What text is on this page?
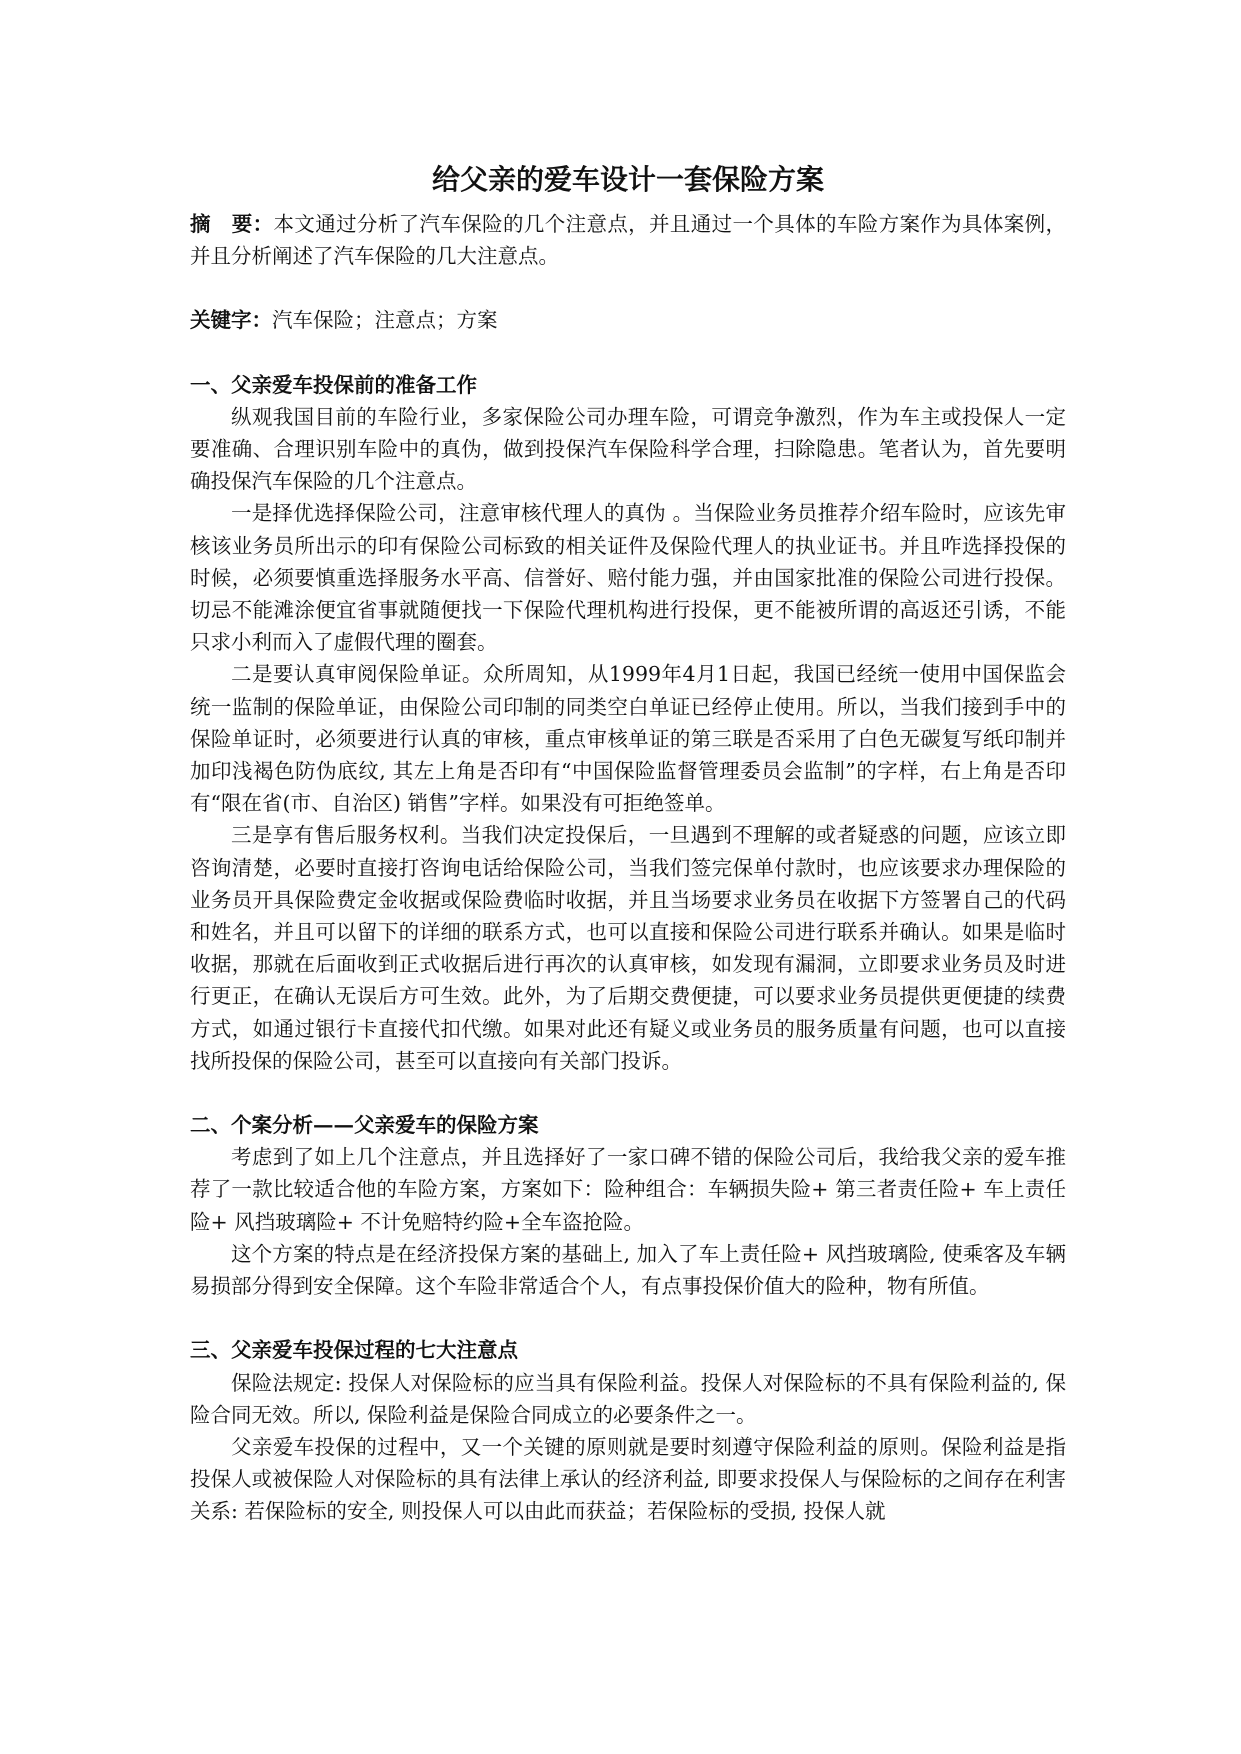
给父亲的爱车设计一套保险方案

摘　要：本文通过分析了汽车保险的几个注意点，并且通过一个具体的车险方案作为具体案例，并且分析阐述了汽车保险的几大注意点。

关键字：汽车保险；注意点；方案

一、父亲爱车投保前的准备工作

纵观我国目前的车险行业，多家保险公司办理车险，可谓竞争激烈，作为车主或投保人一定要准确、合理识别车险中的真伪，做到投保汽车保险科学合理，扫除隐患。笔者认为，首先要明确投保汽车保险的几个注意点。

一是择优选择保险公司，注意审核代理人的真伪 。当保险业务员推荐介绍车险时，应该先审核该业务员所出示的印有保险公司标致的相关证件及保险代理人的执业证书。并且咋选择投保的时候，必须要慎重选择服务水平高、信誉好、赔付能力强，并由国家批准的保险公司进行投保。切忌不能滩涂便宜省事就随便找一下保险代理机构进行投保，更不能被所谓的高返还引诱，不能只求小利而入了虚假代理的圈套。

二是要认真审阅保险单证。众所周知，从1999年4月1日起，我国已经统一使用中国保监会统一监制的保险单证，由保险公司印制的同类空白单证已经停止使用。所以，当我们接到手中的保险单证时，必须要进行认真的审核，重点审核单证的第三联是否采用了白色无碳复写纸印制并加印浅褐色防伪底纹, 其左上角是否印有“中国保险监督管理委员会监制”的字样，右上角是否印有“限在省(市、自治区) 销售”字样。如果没有可拒绝签单。

三是享有售后服务权利。当我们决定投保后，一旦遇到不理解的或者疑惑的问题，应该立即咨询清楚，必要时直接打咨询电话给保险公司，当我们签完保单付款时，也应该要求办理保险的业务员开具保险费定金收据或保险费临时收据，并且当场要求业务员在收据下方签署自己的代码和姓名，并且可以留下的详细的联系方式，也可以直接和保险公司进行联系并确认。如果是临时收据，那就在后面收到正式收据后进行再次的认真审核，如发现有漏洞，立即要求业务员及时进行更正，在确认无误后方可生效。此外，为了后期交费便捷，可以要求业务员提供更便捷的续费方式，如通过银行卡直接代扣代缴。如果对此还有疑义或业务员的服务质量有问题，也可以直接找所投保的保险公司，甚至可以直接向有关部门投诉。

二、个案分析——父亲爱车的保险方案

考虑到了如上几个注意点，并且选择好了一家口碑不错的保险公司后，我给我父亲的爱车推荐了一款比较适合他的车险方案，方案如下：险种组合：车辆损失险+ 第三者责任险+ 车上责任险+ 风挡玻璃险+ 不计免赔特约险+全车盗抢险。

这个方案的特点是在经济投保方案的基础上, 加入了车上责任险+ 风挡玻璃险, 使乘客及车辆易损部分得到安全保障。这个车险非常适合个人，有点事投保价值大的险种，物有所值。

三、父亲爱车投保过程的七大注意点

保险法规定: 投保人对保险标的应当具有保险利益。投保人对保险标的不具有保险利益的, 保险合同无效。所以, 保险利益是保险合同成立的必要条件之一。

父亲爱车投保的过程中，又一个关键的原则就是要时刻遵守保险利益的原则。保险利益是指投保人或被保险人对保险标的具有法律上承认的经济利益, 即要求投保人与保险标的之间存在利害关系: 若保险标的安全, 则投保人可以由此而获益；若保险标的受损, 投保人就
